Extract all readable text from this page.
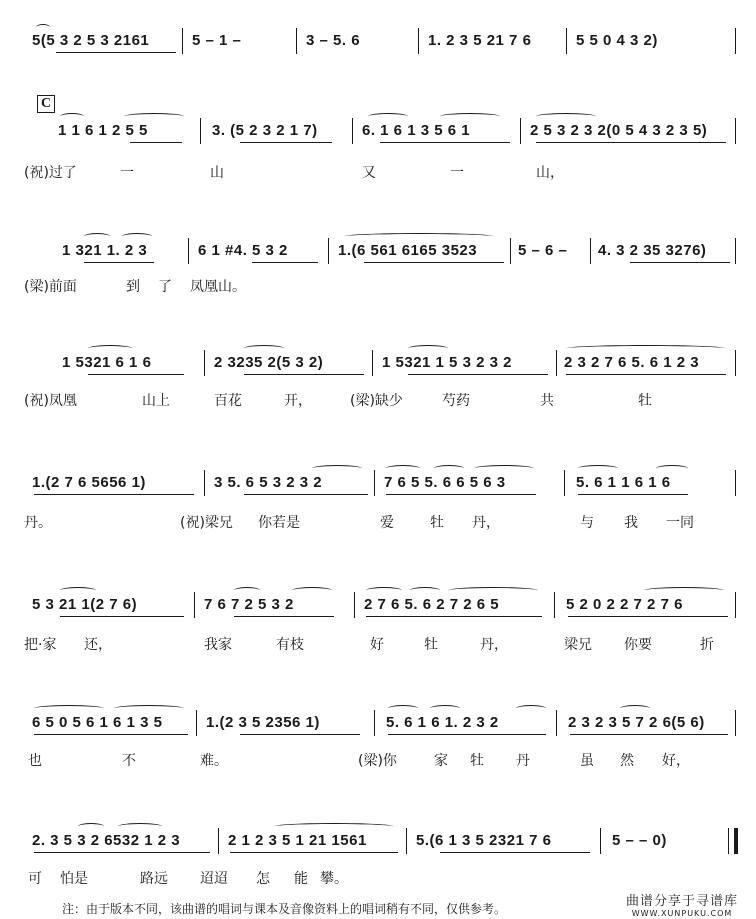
C
5(5 3 2 5 3 2161	5 – 1 –	3 – 5. 6	1. 2 3 5 21 7 6	5 5 0 4 3 2)
1 1 6 1 2 5 5	3. (5 2 3 2 1 7)	6. 1 6 1 3 5 6 1	2 5 3 2 3 2(0 5 4 3 2 3 5)
(祝)过了	一	山	又	一	山，
1 321 1. 2 3	6 1 #4. 5 3 2	1.(6 561 6165 3523	5 – 6 – 4. 3 2 35 3276)
(梁)前面	到 了 凤凰山。
1 5321 6 1 6	2 3235 2(5 3 2)	1 5321 1 5 3 2 3 2	2 3 2 7 6 5. 6 1 2 3
(祝)凤凰	山上	百花	开，	(梁)缺少	芍药	共	牡
1.(2 7 6 5656 1)	3 5. 6 5 3 2 3 2	7 6 5 5. 6 6 5 6 3	5. 6 1 1 6 1 6
丹。	(祝)梁兄 你若是	爱	牡 丹，	与 我 一同
5 3 21 1(2 7 6)	7 6 7 2 5 3 2	2 7 6 5. 6 2 7 2 6 5	5 2 0 2 2 7 2 7 6
把·家 还，	我家	有枝	好	牡	丹，	梁兄 你要	折
6 5 0 5 6 1 6 1 3 5	1.(2 3 5 2356 1)	5. 6 1 6 1. 2 3 2	2 3 2 3 5 7 2 6(5 6)
也	不	难。	(梁)你	家 牡 丹	虽 然 好，
2. 3 5 3 2 6532 1 2 3	2 1 2 3 5 1 21 1561	5.(6 1 3 5 2321 7 6	5 – – 0)
可 怕是	路远 迢迢 怎 能 攀。
注：由于版本不同，该曲谱的唱词与课本及音像资料上的唱词稍有不同，仅供参考。	曲谱分享于寻谱库
WWW.XUNPUKU.COM
